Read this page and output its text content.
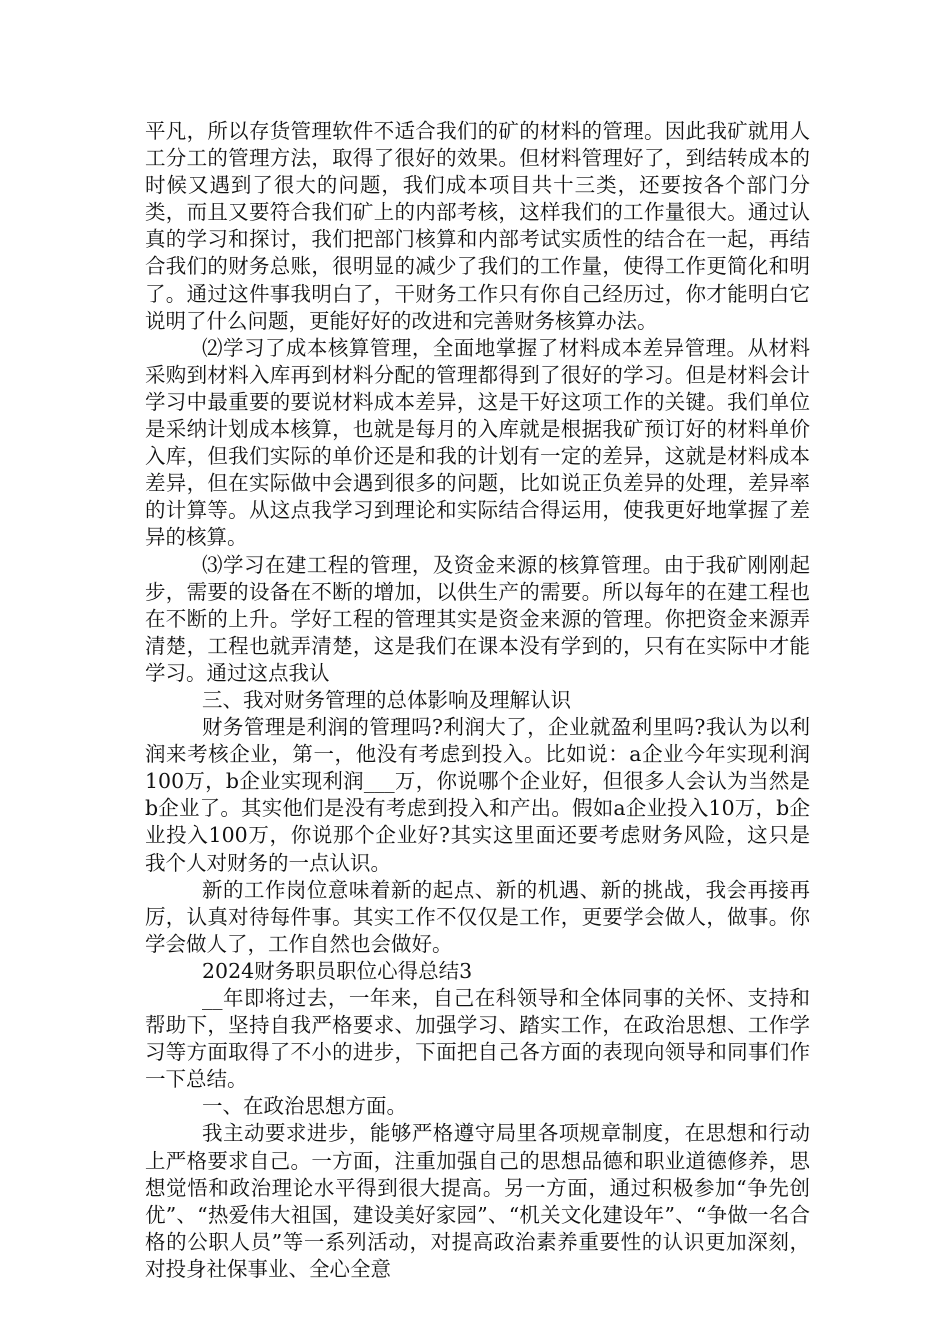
平凡，所以存货管理软件不适合我们的矿的材料的管理。因此我矿就用人工分工的管理方法，取得了很好的效果。但材料管理好了，到结转成本的时候又遇到了很大的问题，我们成本项目共十三类，还要按各个部门分类，而且又要符合我们矿上的内部考核，这样我们的工作量很大。通过认真的学习和探讨，我们把部门核算和内部考试实质性的结合在一起，再结合我们的财务总账，很明显的减少了我们的工作量，使得工作更简化和明了。通过这件事我明白了，干财务工作只有你自己经历过，你才能明白它说明了什么问题，更能好好的改进和完善财务核算办法。

⑵学习了成本核算管理，全面地掌握了材料成本差异管理。从材料采购到材料入库再到材料分配的管理都得到了很好的学习。但是材料会计学习中最重要的要说材料成本差异，这是干好这项工作的关键。我们单位是采纳计划成本核算，也就是每月的入库就是根据我矿预订好的材料单价入库，但我们实际的单价还是和我的计划有一定的差异，这就是材料成本差异，但在实际做中会遇到很多的问题，比如说正负差异的处理，差异率的计算等。从这点我学习到理论和实际结合得运用，使我更好地掌握了差异的核算。

⑶学习在建工程的管理，及资金来源的核算管理。由于我矿刚刚起步，需要的设备在不断的增加，以供生产的需要。所以每年的在建工程也在不断的上升。学好工程的管理其实是资金来源的管理。你把资金来源弄清楚，工程也就弄清楚，这是我们在课本没有学到的，只有在实际中才能学习。通过这点我认

三、我对财务管理的总体影响及理解认识

财务管理是利润的管理吗?利润大了，企业就盈利里吗?我认为以利润来考核企业，第一，他没有考虑到投入。比如说：a企业今年实现利润100万，b企业实现利润___万，你说哪个企业好，但很多人会认为当然是b企业了。其实他们是没有考虑到投入和产出。假如a企业投入10万，b企业投入100万，你说那个企业好?其实这里面还要考虑财务风险，这只是我个人对财务的一点认识。

新的工作岗位意味着新的起点、新的机遇、新的挑战，我会再接再厉，认真对待每件事。其实工作不仅仅是工作，更要学会做人，做事。你学会做人了，工作自然也会做好。

2024财务职员职位心得总结3

__年即将过去，一年来，自己在科领导和全体同事的关怀、支持和帮助下，坚持自我严格要求、加强学习、踏实工作，在政治思想、工作学习等方面取得了不小的进步，下面把自己各方面的表现向领导和同事们作一下总结。

一、在政治思想方面。

我主动要求进步，能够严格遵守局里各项规章制度，在思想和行动上严格要求自己。一方面，注重加强自己的思想品德和职业道德修养，思想觉悟和政治理论水平得到很大提高。另一方面，通过积极参加“争先创优”、“热爱伟大祖国，建设美好家园”、“机关文化建设年”、“争做一名合格的公职人员”等一系列活动，对提高政治素养重要性的认识更加深刻，对投身社保事业、全心全意
